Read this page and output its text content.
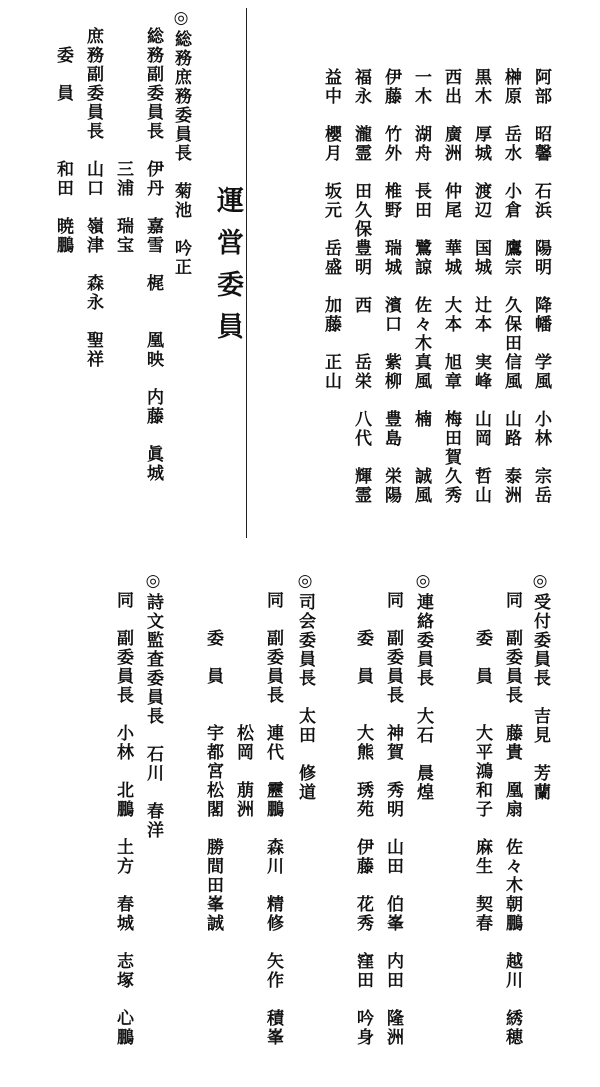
阿部　昭馨　石浜　陽明　降幡　学風　小林　宗岳
榊原　岳水　小倉　鷹宗　久保田信風　山路　泰洲
黒木　厚城　渡辺　国城　辻本　実峰　山岡　哲山
西出　廣洲　仲尾　華城　大本　旭章　梅田賀久秀
一木　湖舟　長田　鷺諒　佐々木真風　楠　　誠風
伊藤　竹外　椎野　瑞城　濱口　紫柳　豊島　栄陽
福永　瀧霊　田久保豊明　西　　岳栄　八代　輝霊
益中　櫻月　坂元　岳盛　加藤　正山
運営委員
◎総務庶務委員長　菊池　吟正
総務副委員長　伊丹　嘉雪　梶　　凰映　内藤　眞城
　　　　　　　三浦　瑞宝
庶務副委員長　山口　嶺津　森永　聖祥
　委　員　　　和田　暁鵬
◎受付委員長　吉見　芳蘭
同　副委員長　藤貴　凰扇　佐々木朝鵬　越川　綉穂
　　委　員　　大平鴻和子　麻生　契春
◎連絡委員長　大石　晨煌
同　副委員長　神賀　秀明　山田　伯峯　内田　隆洲
　　委　員　　大熊　琇苑　伊藤　花秀　窪田　吟身
◎司会委員長　太田　修道
同　副委員長　連代　靂鵬　森川　精修　矢作　積峯
　　　　　　　松岡　萠洲
　　委　員　　宇都宮松閣　勝間田峯誠
◎詩文監査委員長　石川　春洋
同　副委員長　小林　北鵬　土方　春城　志塚　心鵬
